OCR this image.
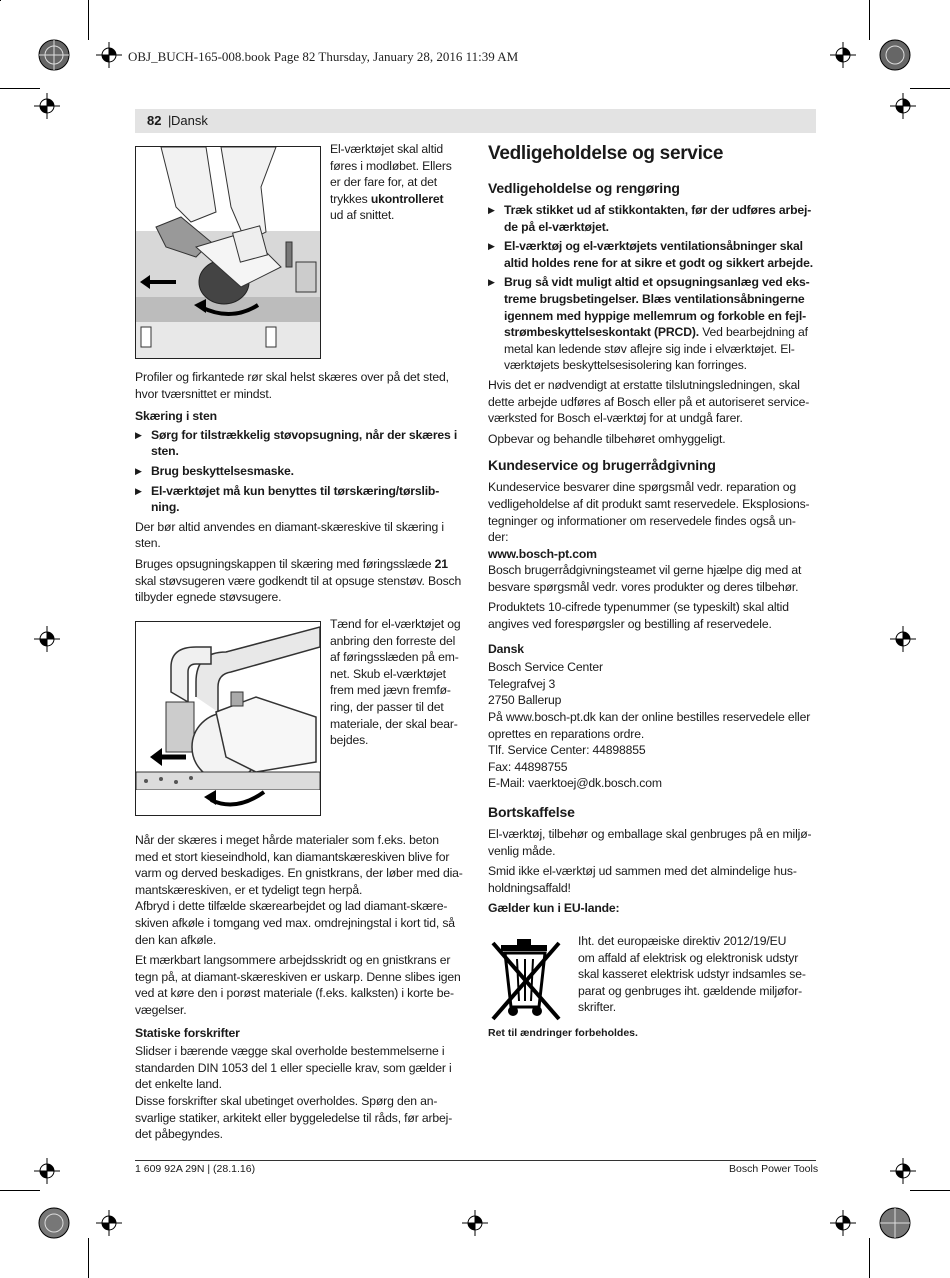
OBJ_BUCH-165-008.book Page 82 Thursday, January 28, 2016 11:39 AM
82 | Dansk
El-værktøjet skal altid
føres i modløbet. Ellers
er der fare for, at det
trykkes ukontrolleret
ud af snittet.

Profiler og firkantede rør skal helst skæres over på det sted,
hvor tværsnittet er mindst.

Skæring i sten
▶ Sørg for tilstrækkelig støvopsugning, når der skæres i
sten.
▶ Brug beskyttelsesmaske.
▶ El-værktøjet må kun benyttes til tørskæring/tørslib-
ning.

Der bør altid anvendes en diamant-skæreskive til skæring i
sten.

Bruges opsugningskappen til skæring med føringsslæde 21
skal støvsugeren være godkendt til at opsuge stenstøv. Bosch
tilbyder egnede støvsugere.

Tænd for el-værktøjet og
anbring den forreste del
af føringsslæden på em-
net. Skub el-værktøjet
frem med jævn fremfø-
ring, der passer til det
materiale, der skal bear-
bejdes.

Når der skæres i meget hårde materialer som f.eks. beton
med et stort kieseindhold, kan diamantskæreskiven blive for
varm og derved beskadiges. En gnistkrans, der løber med dia-
mantskæreskiven, er et tydeligt tegn herpå.
Afbryd i dette tilfælde skærearbejdet og lad diamant-skære-
skiven afkøle i tomgang ved max. omdrejningstal i kort tid, så
den kan afkøle.

Et mærkbart langsommere arbejdsskridt og en gnistkrans er
tegn på, at diamant-skæreskiven er uskarp. Denne slibes igen
ved at køre den i porøst materiale (f.eks. kalksten) i korte be-
vægelser.

Statiske forskrifter

Slidser i bærende vægge skal overholde bestemmelserne i
standarden DIN 1053 del 1 eller specielle krav, som gælder i
det enkelte land.
Disse forskrifter skal ubetinget overholdes. Spørg den an-
svarlige statiker, arkitekt eller byggeledelse til råds, før arbej-
det påbegyndes.

Vedligeholdelse og service
Vedligeholdelse og rengøring
▶ Træk stikket ud af stikkontakten, før der udføres arbej-
de på el-værktøjet.
▶ El-værktøj og el-værktøjets ventilationsåbninger skal
altid holdes rene for at sikre et godt og sikkert arbejde.
▶ Brug så vidt muligt altid et opsugningsanlæg ved eks-
treme brugsbetingelser. Blæs ventilationsåbningerne
igennem med hyppige mellemrum og forkoble en fejl-
strømbeskyttelseskontakt (PRCD). Ved bearbejdning af
metal kan ledende støv aflejre sig inde i elværktøjet. El-
værktøjets beskyttelsesisolering kan forringes.

Hvis det er nødvendigt at erstatte tilslutningsledningen, skal
dette arbejde udføres af Bosch eller på et autoriseret service-
værksted for Bosch el-værktøj for at undgå farer.

Opbevar og behandle tilbehøret omhyggeligt.

Kundeservice og brugerrådgivning

Kundeservice besvarer dine spørgsmål vedr. reparation og
vedligeholdelse af dit produkt samt reservedele. Eksplosions-
tegninger og informationer om reservedele findes også un-
der:

www.bosch-pt.com

Bosch brugerrådgivningsteamet vil gerne hjælpe dig med at
besvare spørgsmål vedr. vores produkter og deres tilbehør.

Produktets 10-cifrede typenummer (se typeskilt) skal altid
angives ved forespørgsler og bestilling af reservedele.

Dansk

Bosch Service Center
Telegrafvej 3
2750 Ballerup
På www.bosch-pt.dk kan der online bestilles reservedele eller
oprettes en reparations ordre.
Tlf. Service Center: 44898855
Fax: 44898755
E-Mail: vaerktoej@dk.bosch.com

Bortskaffelse

El-værktøj, tilbehør og emballage skal genbruges på en miljø-
venlig måde.

Smid ikke el-værktøj ud sammen med det almindelige hus-
holdningsaffald!

Gælder kun i EU-lande:
Iht. det europæiske direktiv 2012/19/EU
om affald af elektrisk og elektronisk udstyr
skal kasseret elektrisk udstyr indsamles se-
parat og genbruges iht. gældende miljøfor-
skrifter.
Ret til ændringer forbeholdes.
1 609 92A 29N | (28.1.16)	Bosch Power Tools
